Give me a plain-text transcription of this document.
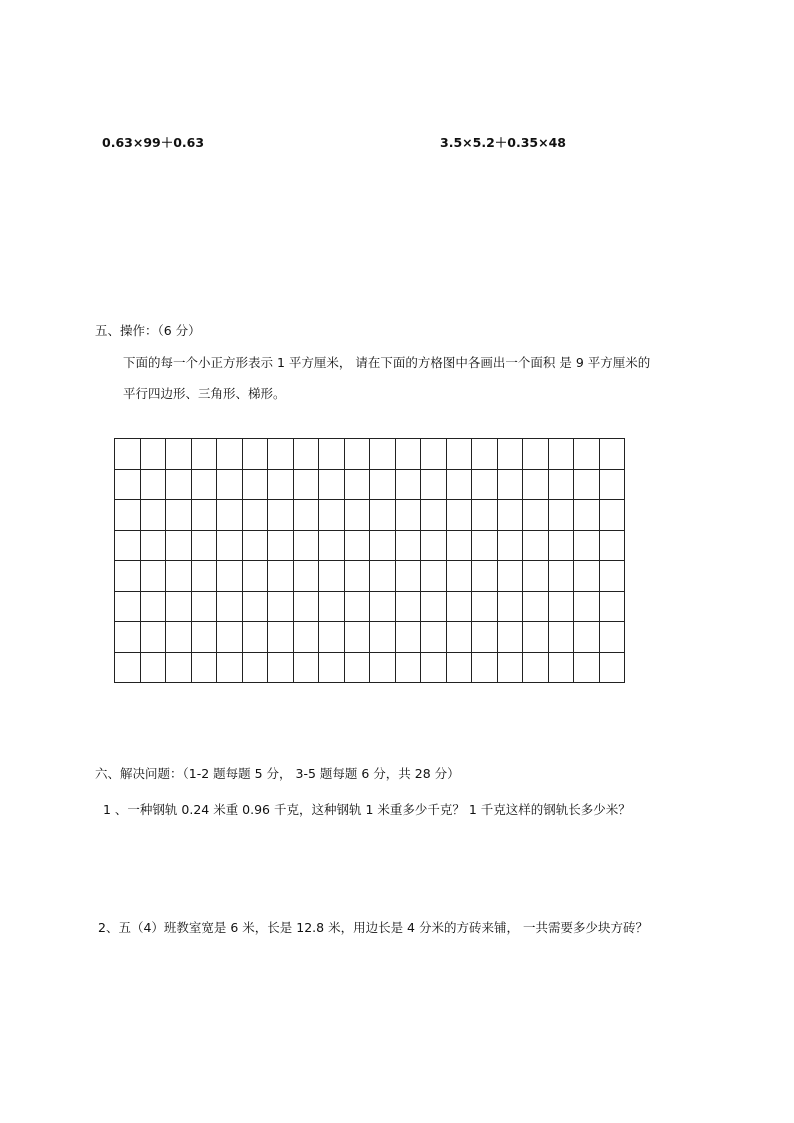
0.63×99＋0.63	3.5×5.2＋0.35×48
五、操作：（6 分）
下面的每一个小正方形表示 1 平方厘米， 请在下面的方格图中各画出一个面积 是 9 平方厘米的
平行四边形、三角形、梯形。

六、解决问题：（1-2 题每题 5 分， 3-5 题每题 6 分，共 28 分）
1 、一种钢轨 0.24 米重 0.96 千克，这种钢轨 1 米重多少千克？ 1 千克这样的钢轨长多少米？
2、五（4）班教室宽是 6 米，长是 12.8 米，用边长是 4 分米的方砖来铺， 一共需要多少块方砖？
